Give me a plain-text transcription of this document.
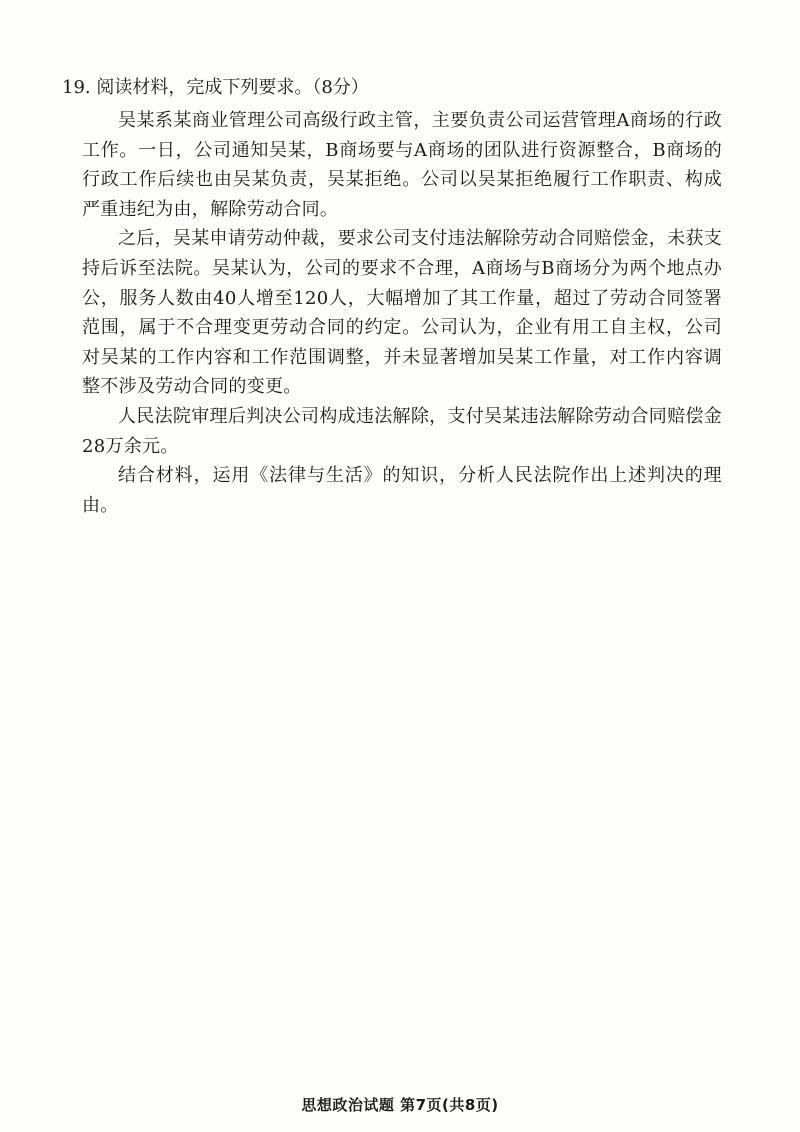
19. 阅读材料，完成下列要求。（8分）

吴某系某商业管理公司高级行政主管，主要负责公司运营管理A商场的行政工作。一日，公司通知吴某，B商场要与A商场的团队进行资源整合，B商场的行政工作后续也由吴某负责，吴某拒绝。公司以吴某拒绝履行工作职责、构成严重违纪为由，解除劳动合同。

之后，吴某申请劳动仲裁，要求公司支付违法解除劳动合同赔偿金，未获支持后诉至法院。吴某认为，公司的要求不合理，A商场与B商场分为两个地点办公，服务人数由40人增至120人，大幅增加了其工作量，超过了劳动合同签署范围，属于不合理变更劳动合同的约定。公司认为，企业有用工自主权，公司对吴某的工作内容和工作范围调整，并未显著增加吴某工作量，对工作内容调整不涉及劳动合同的变更。

人民法院审理后判决公司构成违法解除，支付吴某违法解除劳动合同赔偿金28万余元。

结合材料，运用《法律与生活》的知识，分析人民法院作出上述判决的理由。

思想政治试题 第7页(共8页)
